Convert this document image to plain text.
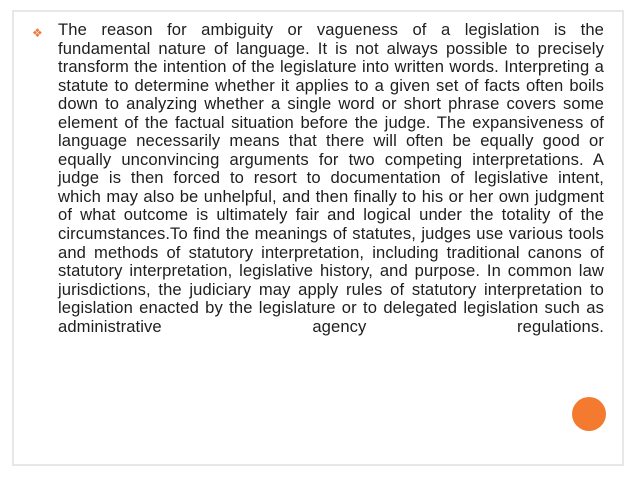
❖ The reason for ambiguity or vagueness of a legislation is the fundamental nature of language. It is not always possible to precisely transform the intention of the legislature into written words. Interpreting a statute to determine whether it applies to a given set of facts often boils down to analyzing whether a single word or short phrase covers some element of the factual situation before the judge. The expansiveness of language necessarily means that there will often be equally good or equally unconvincing arguments for two competing interpretations. A judge is then forced to resort to documentation of legislative intent, which may also be unhelpful, and then finally to his or her own judgment of what outcome is ultimately fair and logical under the totality of the circumstances.To find the meanings of statutes, judges use various tools and methods of statutory interpretation, including traditional canons of statutory interpretation, legislative history, and purpose. In common law jurisdictions, the judiciary may apply rules of statutory interpretation to legislation enacted by the legislature or to delegated legislation such as administrative agency regulations.
